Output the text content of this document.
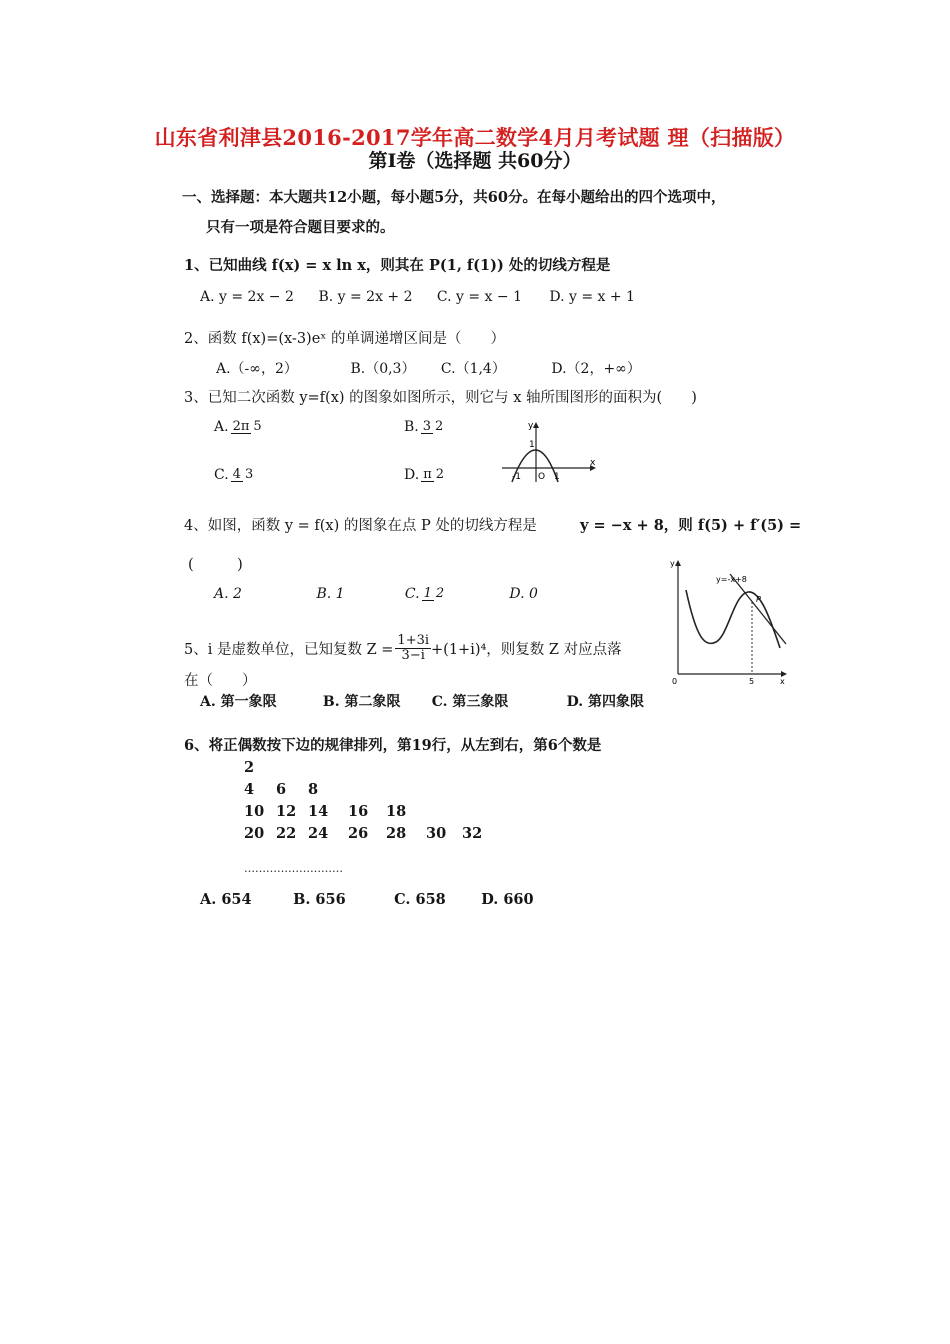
山东省利津县2016-2017学年高二数学4月月考试题 理（扫描版）
第I卷（选择题 共60分）
一、选择题：本大题共12小题，每小题5分，共60分。在每小题给出的四个选项中，
只有一项是符合题目要求的。
1、已知曲线 f(x) = x ln x，则其在 P(1, f(1)) 处的切线方程是
A. y = 2x − 2 B. y = 2x + 2 C. y = x − 1 D. y = x + 1
2、函数 f(x)=(x-3)eˣ 的单调递增区间是（　　）
A.（-∞，2）	B.（0,3） C.（1,4）	D.（2，+∞）
3、已知二次函数 y=f(x) 的图象如图所示，则它与 x 轴所围图形的面积为(　　)
A. 2π 5	B. 3 2
C. 4 3	D. π 2
y
x
1
-1 O 1
4、如图，函数 y = f(x) 的图象在点 P 处的切线方程是	y = −x + 8，则 f(5) + f′(5) =
(　　　)
A. 2	B. 1	C. 1 2	D. 0
y
x
y=-x+8
P
0	5
5、i 是虚数单位，已知复数 $Z = \frac{1+3i}{3-i} +(1+i)^4$，则复数 Z 对应点落
在（　　）
A. 第一象限	B. 第二象限 C. 第三象限	D. 第四象限
6、将正偶数按下边的规律排列，第19行，从左到右，第6个数是
2
4 6 8
10 12 14 16 18
20 22 24 26 28 30 32
………………………
A. 654	B. 656	C. 658 D. 660
